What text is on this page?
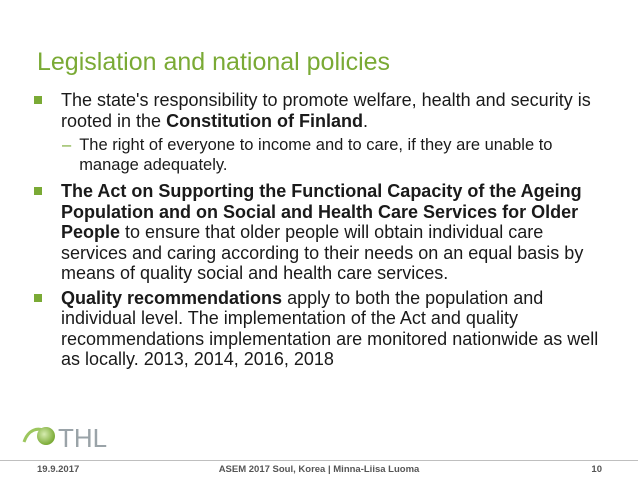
Legislation and national policies
The state's responsibility to promote welfare, health and security is rooted in the Constitution of Finland.
– The right of everyone to income and to care, if they are unable to manage adequately.
The Act on Supporting the Functional Capacity of the Ageing Population and on Social and Health Care Services for Older People to ensure that older people will obtain individual care services and caring according to their needs on an equal basis by means of quality social and health care services.
Quality recommendations apply to both the population and individual level. The implementation of the Act and quality recommendations implementation are monitored nationwide as well as locally. 2013, 2014, 2016, 2018
THL
19.9.2017	ASEM 2017 Soul, Korea | Minna-Liisa Luoma	10
